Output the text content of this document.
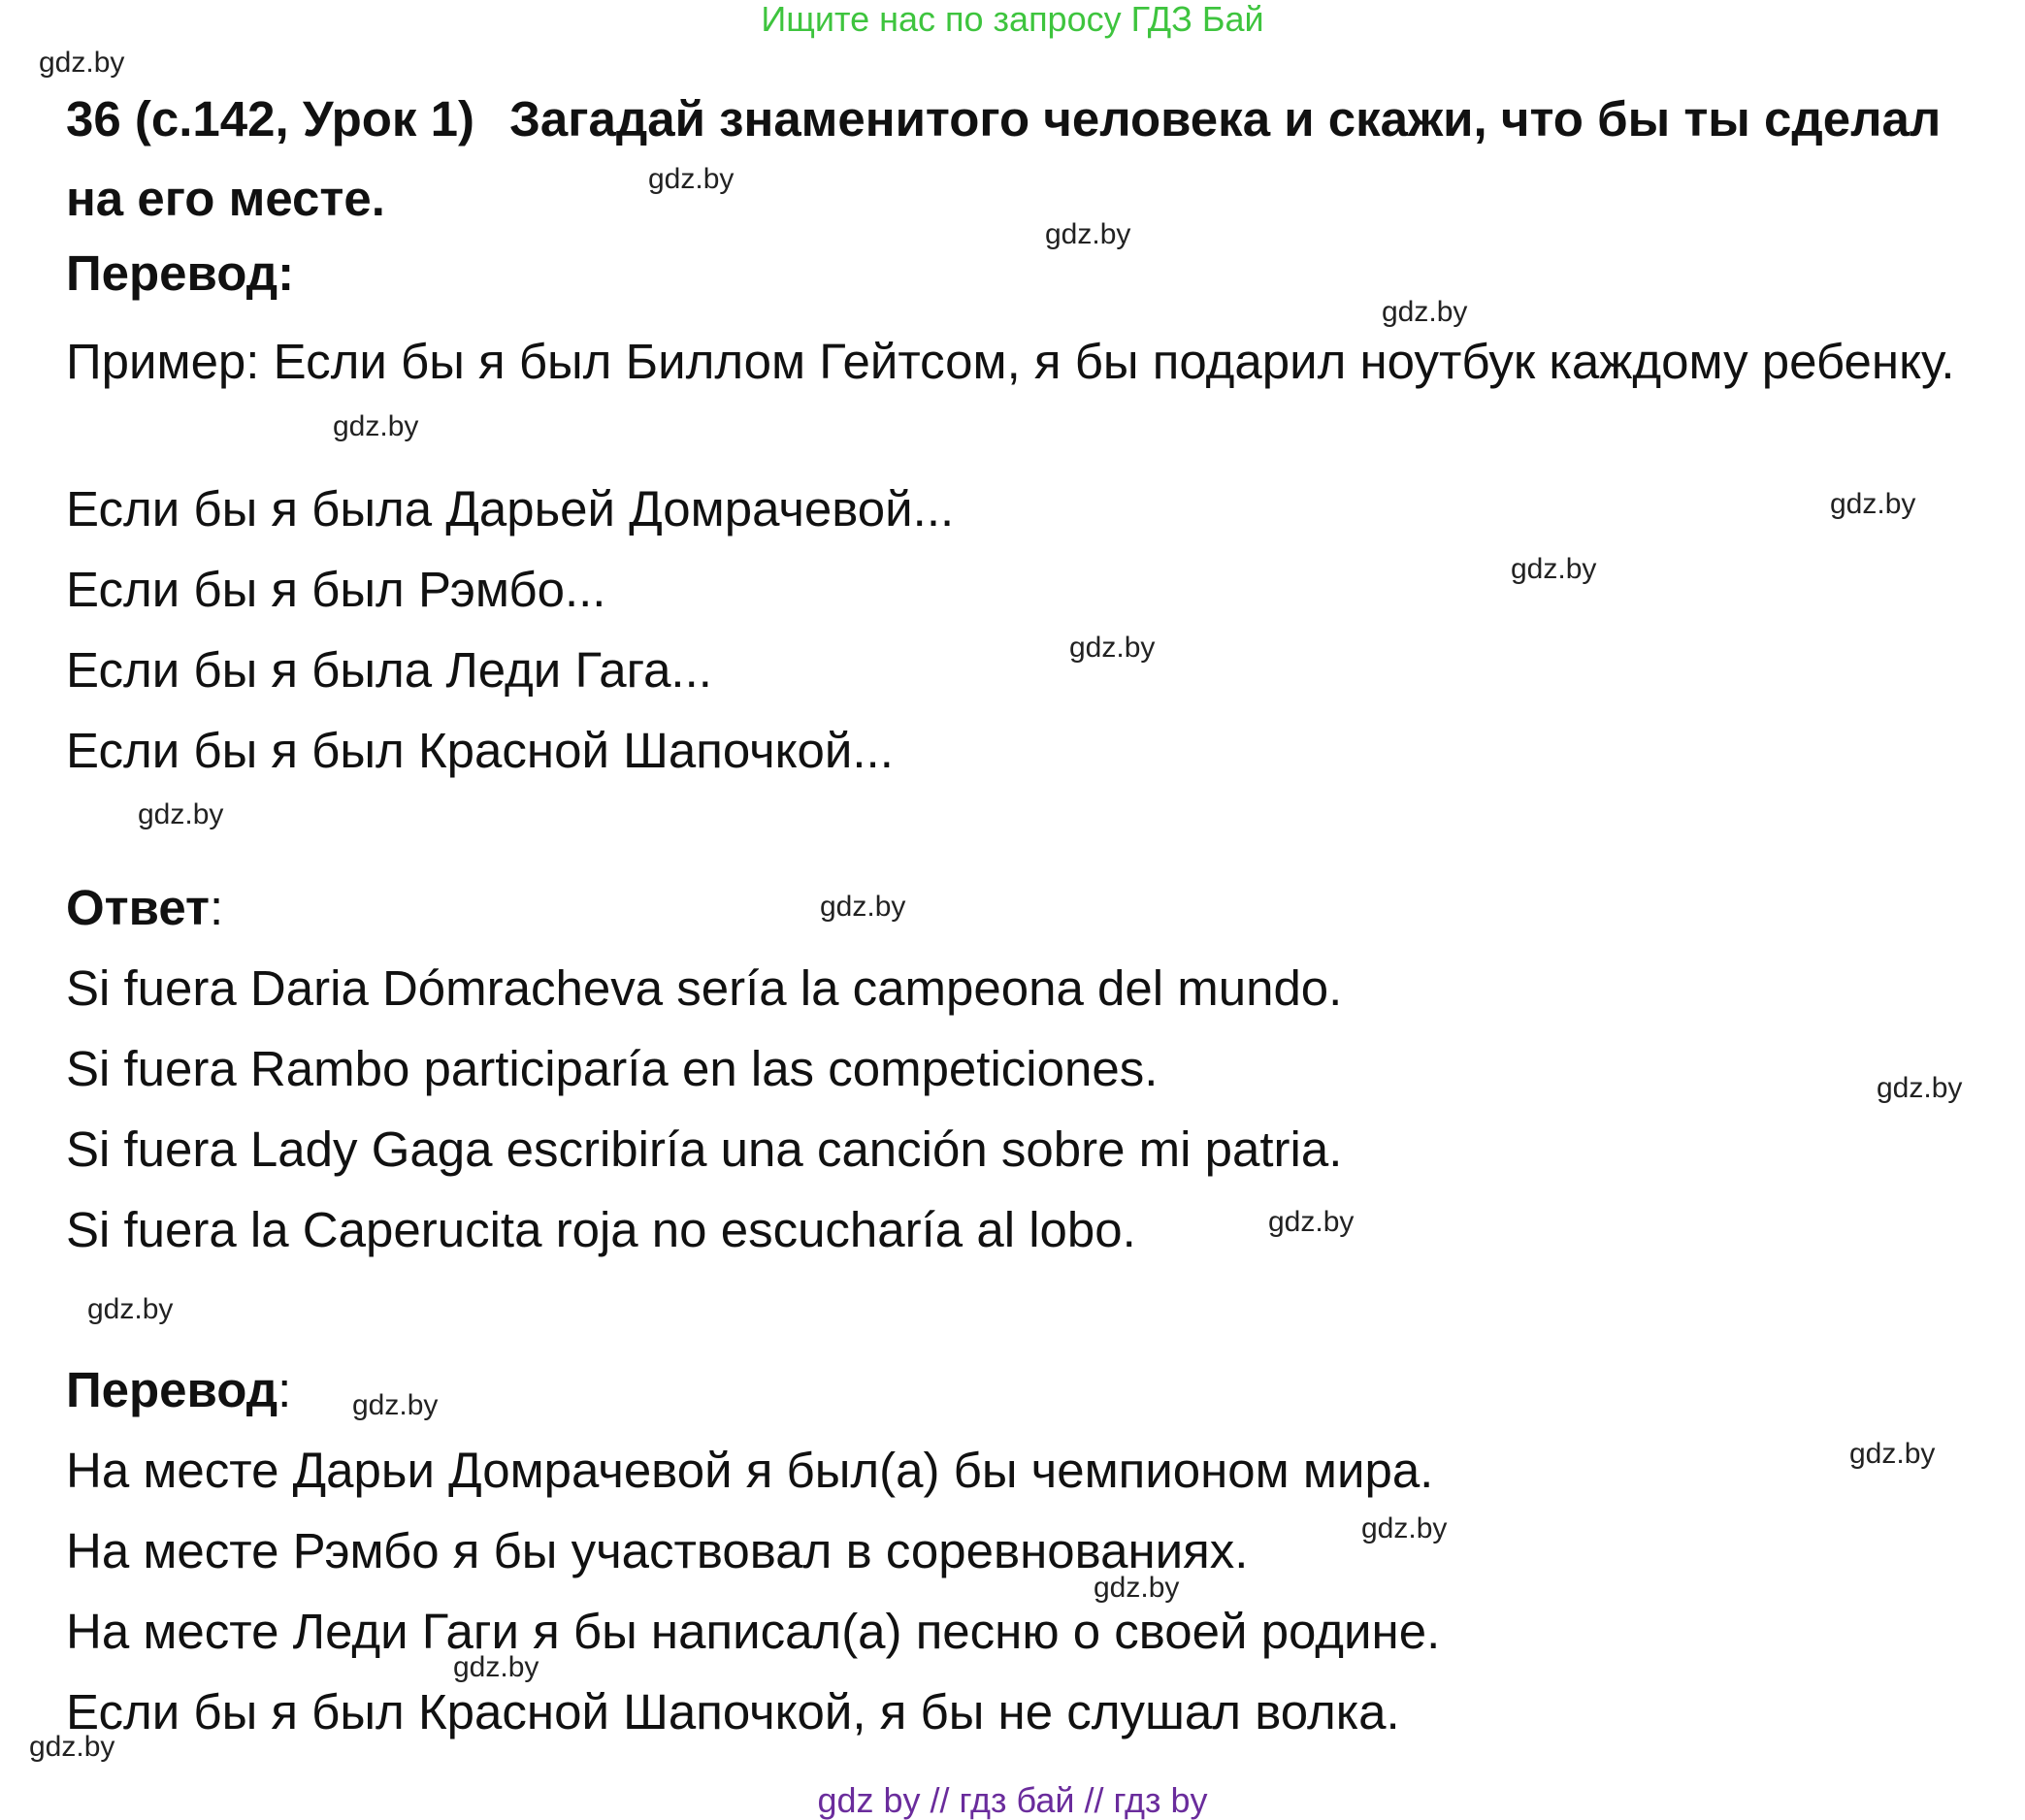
Ищите нас по запросу ГДЗ Бай
36 (с.142, Урок 1) Загадай знаменитого человека и скажи, что бы ты сделал на его месте.
Перевод:
Пример: Если бы я был Биллом Гейтсом, я бы подарил ноутбук каждому ребенку.
Если бы я была Дарьей Домрачевой...
Если бы я был Рэмбо...
Если бы я была Леди Гага...
Если бы я был Красной Шапочкой...
Ответ:
Si fuera Daria Dómracheva sería la campeona del mundo.
Si fuera Rambo participaría en las competiciones.
Si fuera Lady Gaga escribiría una canción sobre mi patria.
Si fuera la Caperucita roja no escucharía al lobo.
Перевод:
На месте Дарьи Домрачевой я был(а) бы чемпионом мира.
На месте Рэмбо я бы участвовал в соревнованиях.
На месте Леди Гаги я бы написал(а) песню о своей родине.
Если бы я был Красной Шапочкой, я бы не слушал волка.
gdz.by
gdz.by
gdz.by
gdz.by
gdz.by
gdz.by
gdz.by
gdz.by
gdz.by
gdz.by
gdz.by
gdz.by
gdz.by
gdz.by
gdz.by
gdz.by
gdz.by
gdz.by
gdz.by
gdz by // гдз бай // гдз by
